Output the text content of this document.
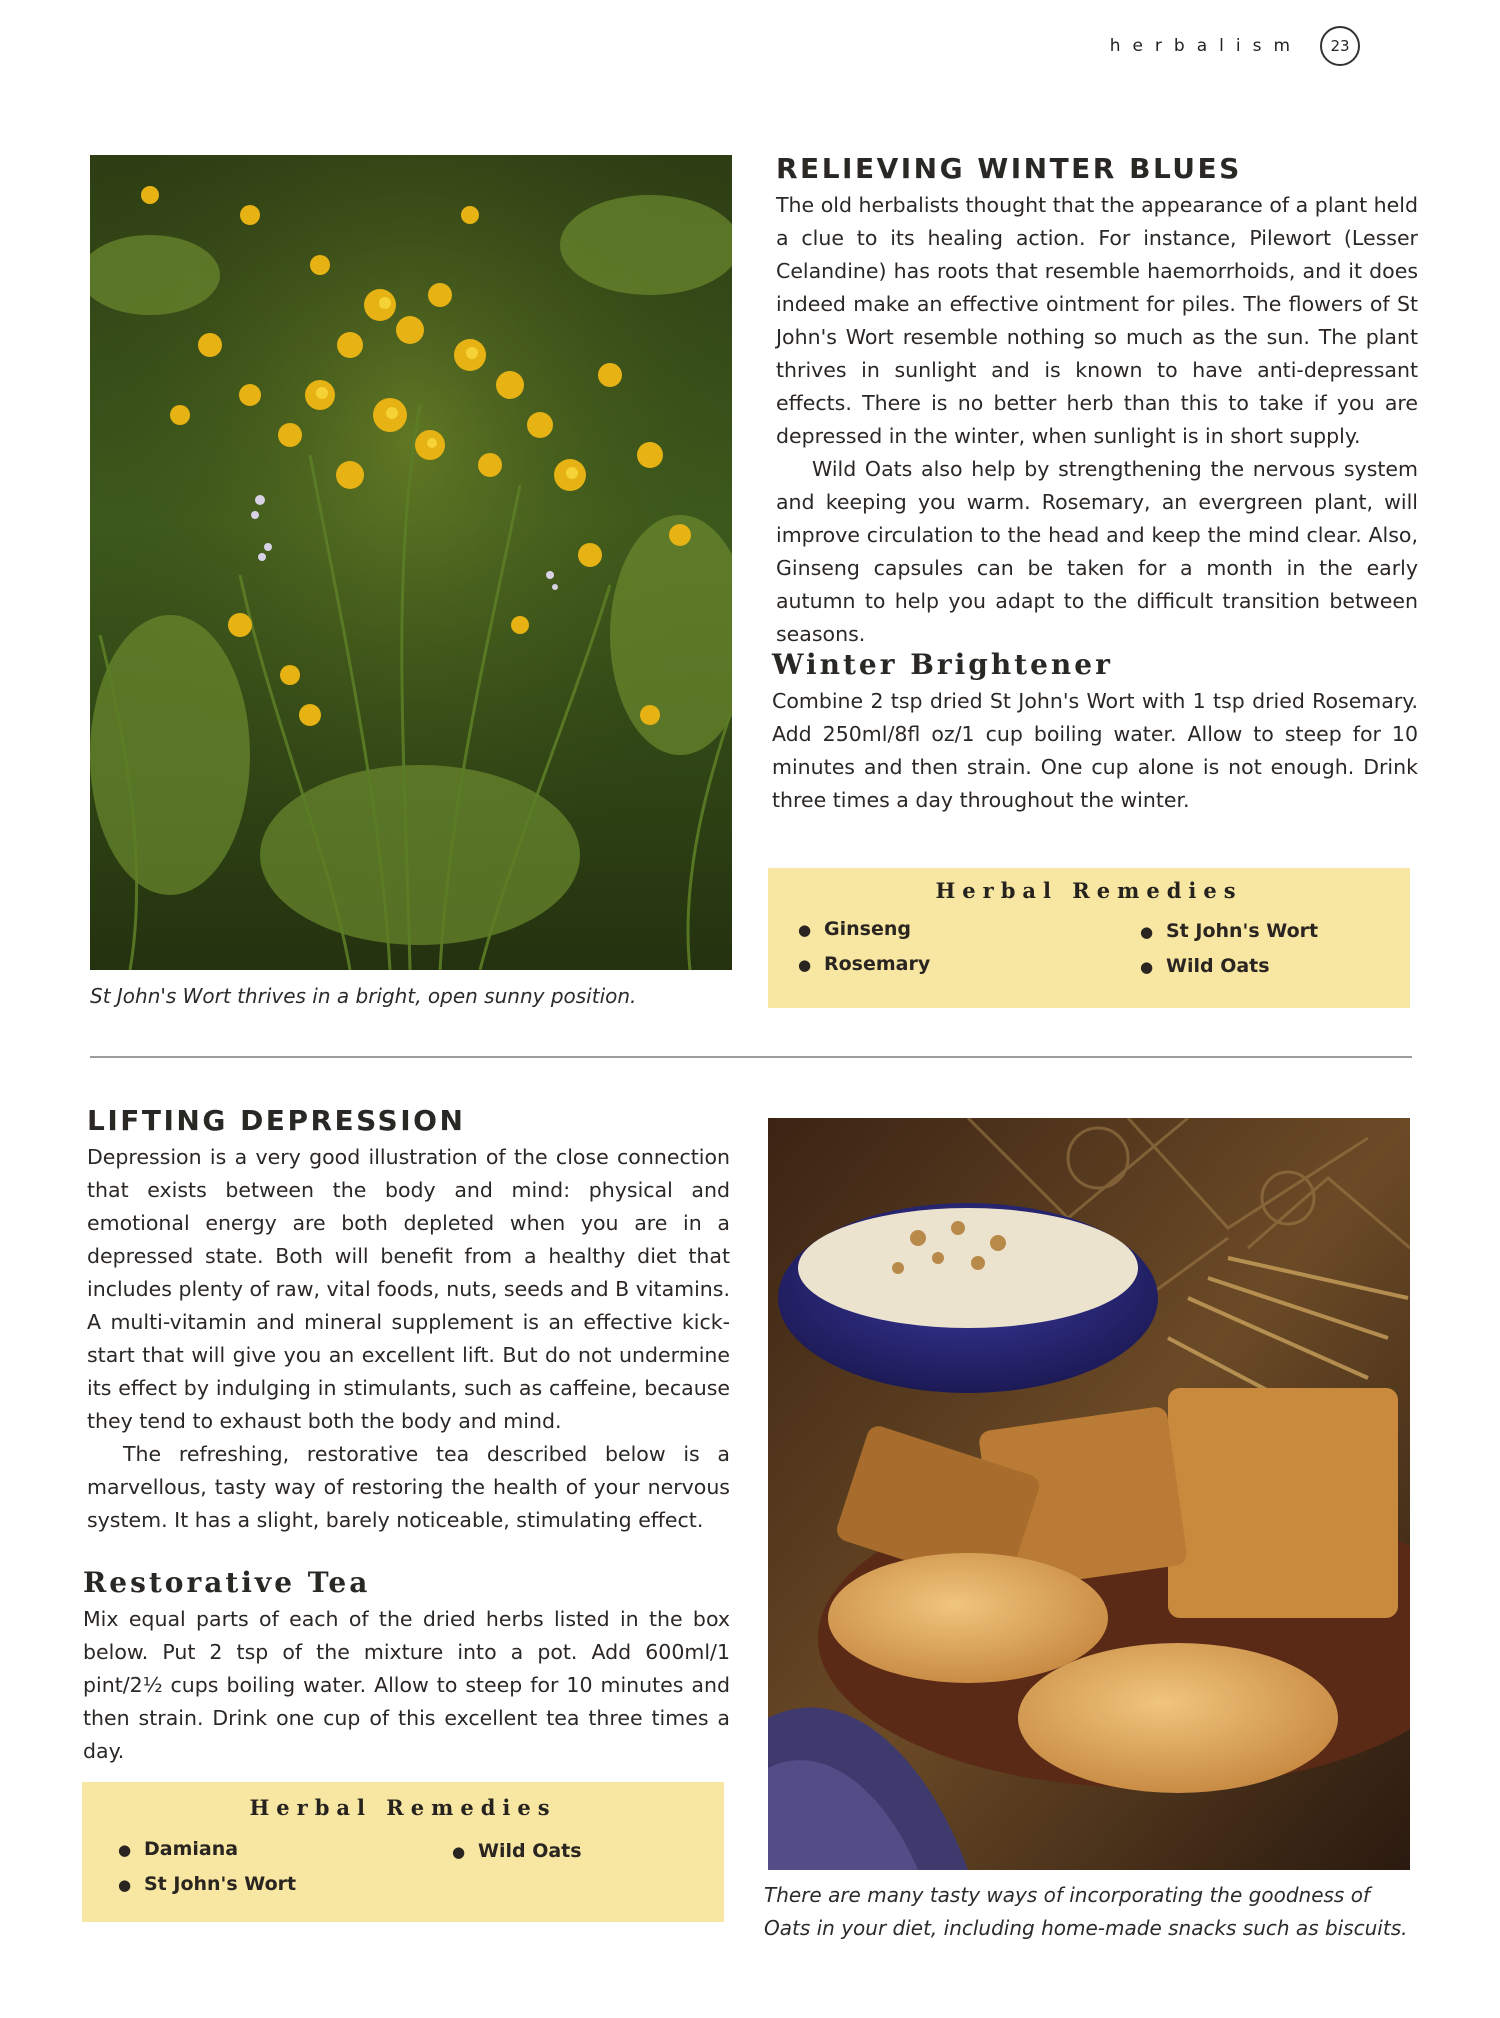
herbalism	23
St John's Wort thrives in a bright, open sunny position.
RELIEVING WINTER BLUES

The old herbalists thought that the appearance of a plant held a clue to its healing action. For instance, Pilewort (Lesser Celandine) has roots that resemble haemorrhoids, and it does indeed make an effective ointment for piles. The flowers of St John's Wort resemble nothing so much as the sun. The plant thrives in sunlight and is known to have anti-depressant effects. There is no better herb than this to take if you are depressed in the winter, when sunlight is in short supply.

Wild Oats also help by strengthening the nervous system and keeping you warm. Rosemary, an evergreen plant, will improve circulation to the head and keep the mind clear. Also, Ginseng capsules can be taken for a month in the early autumn to help you adapt to the difficult transition between seasons.

Winter Brightener

Combine 2 tsp dried St John's Wort with 1 tsp dried Rosemary. Add 250ml/8fl oz/1 cup boiling water. Allow to steep for 10 minutes and then strain. One cup alone is not enough. Drink three times a day throughout the winter.

Herbal Remedies
● Ginseng
● Rosemary
● St John's Wort
● Wild Oats
LIFTING DEPRESSION

Depression is a very good illustration of the close connection that exists between the body and mind: physical and emotional energy are both depleted when you are in a depressed state. Both will benefit from a healthy diet that includes plenty of raw, vital foods, nuts, seeds and B vitamins. A multi-vitamin and mineral supplement is an effective kick-start that will give you an excellent lift. But do not undermine its effect by indulging in stimulants, such as caffeine, because they tend to exhaust both the body and mind.

The refreshing, restorative tea described below is a marvellous, tasty way of restoring the health of your nervous system. It has a slight, barely noticeable, stimulating effect.

Restorative Tea

Mix equal parts of each of the dried herbs listed in the box below. Put 2 tsp of the mixture into a pot. Add 600ml/1 pint/2½ cups boiling water. Allow to steep for 10 minutes and then strain. Drink one cup of this excellent tea three times a day.

Herbal Remedies
● Damiana
● St John's Wort
● Wild Oats
There are many tasty ways of incorporating the goodness of Oats in your diet, including home-made snacks such as biscuits.
